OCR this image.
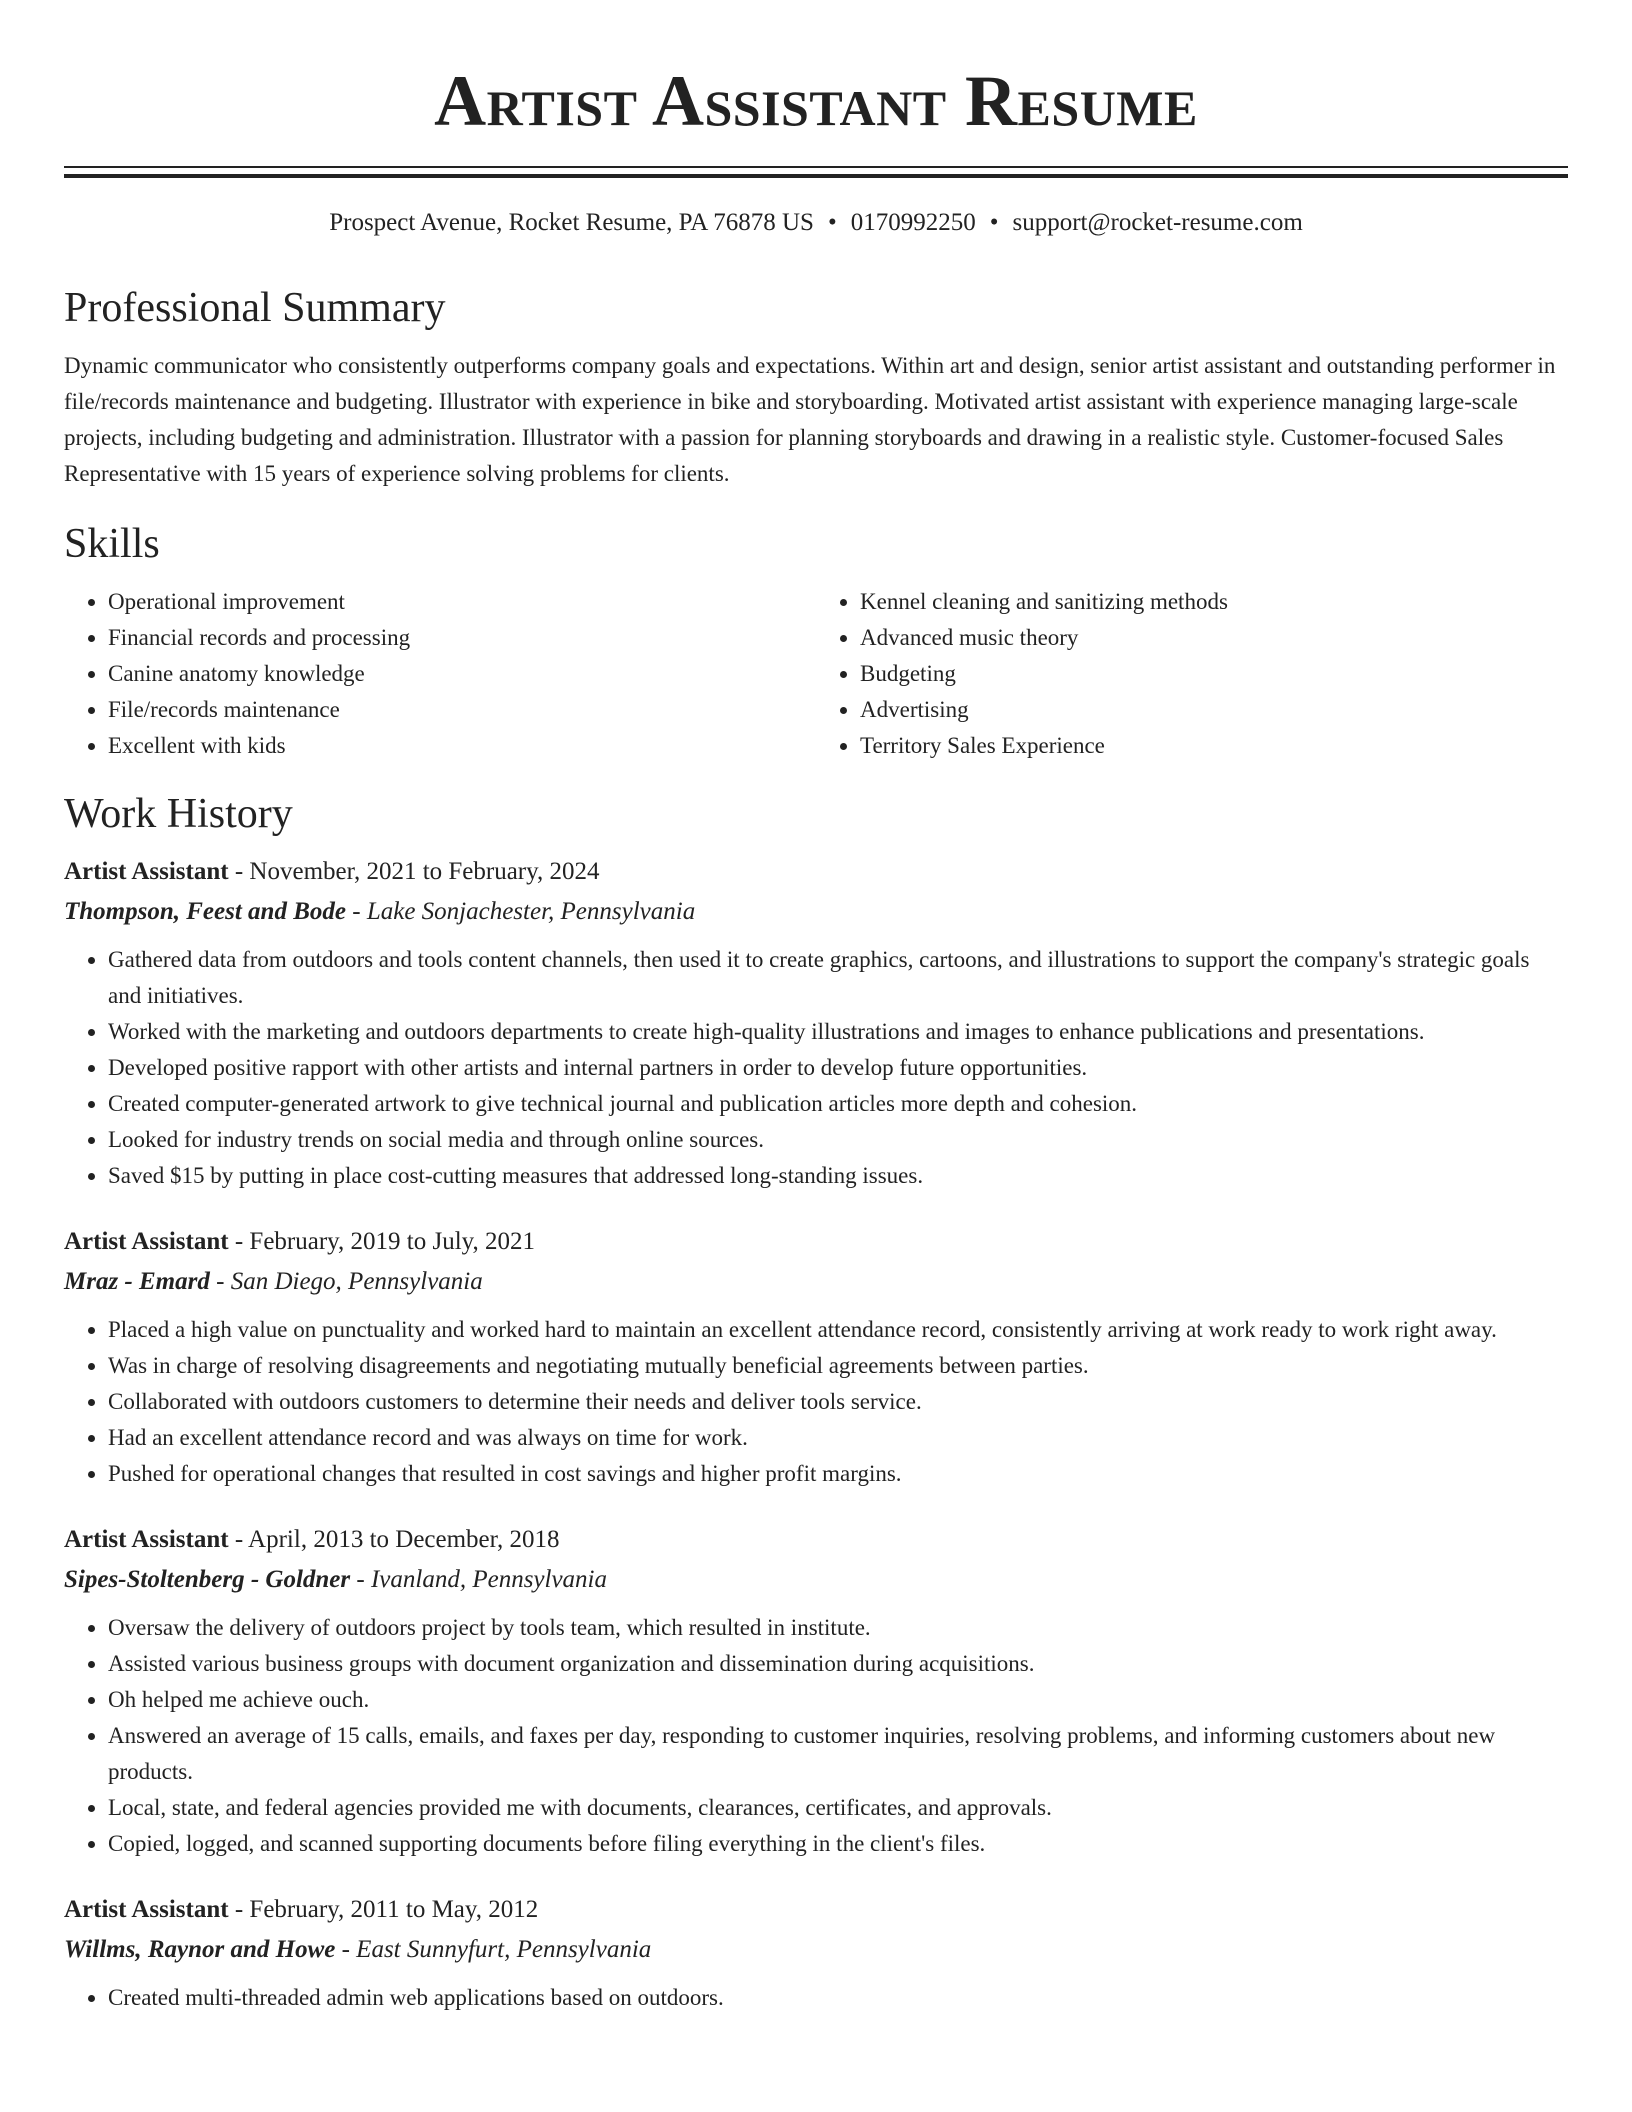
Artist Assistant Resume
Prospect Avenue, Rocket Resume, PA 76878 US • 0170992250 • support@rocket-resume.com
Professional Summary

Dynamic communicator who consistently outperforms company goals and expectations. Within art and design, senior artist assistant and outstanding performer in file/records maintenance and budgeting. Illustrator with experience in bike and storyboarding. Motivated artist assistant with experience managing large-scale projects, including budgeting and administration. Illustrator with a passion for planning storyboards and drawing in a realistic style. Customer-focused Sales Representative with 15 years of experience solving problems for clients.

Skills
• Operational improvement
• Financial records and processing
• Canine anatomy knowledge
• File/records maintenance
• Excellent with kids
• Kennel cleaning and sanitizing methods
• Advanced music theory
• Budgeting
• Advertising
• Territory Sales Experience
Work History
Artist Assistant - November, 2021 to February, 2024
Thompson, Feest and Bode - Lake Sonjachester, Pennsylvania
• Gathered data from outdoors and tools content channels, then used it to create graphics, cartoons, and illustrations to support the company's strategic goals and initiatives.
• Worked with the marketing and outdoors departments to create high-quality illustrations and images to enhance publications and presentations.
• Developed positive rapport with other artists and internal partners in order to develop future opportunities.
• Created computer-generated artwork to give technical journal and publication articles more depth and cohesion.
• Looked for industry trends on social media and through online sources.
• Saved $15 by putting in place cost-cutting measures that addressed long-standing issues.
Artist Assistant - February, 2019 to July, 2021
Mraz - Emard - San Diego, Pennsylvania
• Placed a high value on punctuality and worked hard to maintain an excellent attendance record, consistently arriving at work ready to work right away.
• Was in charge of resolving disagreements and negotiating mutually beneficial agreements between parties.
• Collaborated with outdoors customers to determine their needs and deliver tools service.
• Had an excellent attendance record and was always on time for work.
• Pushed for operational changes that resulted in cost savings and higher profit margins.
Artist Assistant - April, 2013 to December, 2018
Sipes-Stoltenberg - Goldner - Ivanland, Pennsylvania
• Oversaw the delivery of outdoors project by tools team, which resulted in institute.
• Assisted various business groups with document organization and dissemination during acquisitions.
• Oh helped me achieve ouch.
• Answered an average of 15 calls, emails, and faxes per day, responding to customer inquiries, resolving problems, and informing customers about new products.
• Local, state, and federal agencies provided me with documents, clearances, certificates, and approvals.
• Copied, logged, and scanned supporting documents before filing everything in the client's files.
Artist Assistant - February, 2011 to May, 2012
Willms, Raynor and Howe - East Sunnyfurt, Pennsylvania
• Created multi-threaded admin web applications based on outdoors.
